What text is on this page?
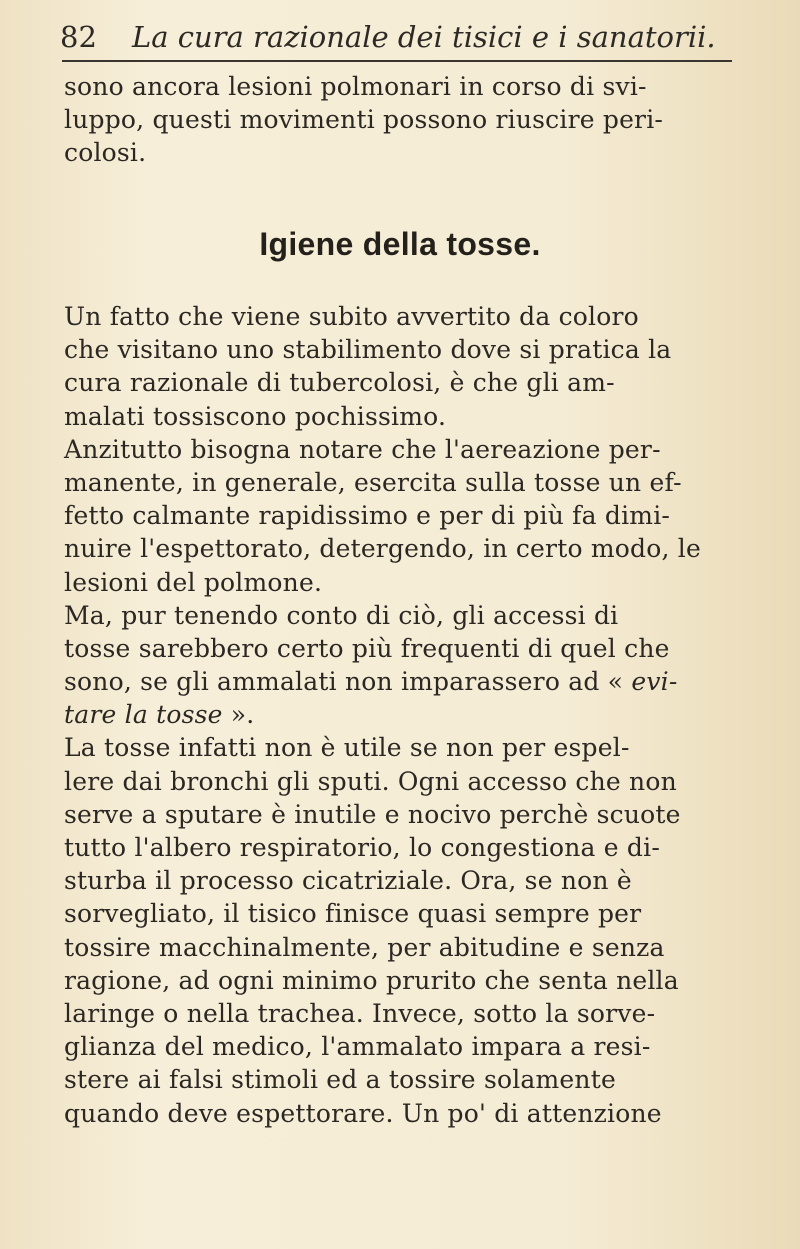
82 La cura razionale dei tisici e i sanatorii.
sono ancora lesioni polmonari in corso di svi-
luppo, questi movimenti possono riuscire peri-
colosi.
Igiene della tosse.
Un fatto che viene subito avvertito da coloro
che visitano uno stabilimento dove si pratica la
cura razionale di tubercolosi, è che gli am-
malati tossiscono pochissimo.
Anzitutto bisogna notare che l'aereazione per-
manente, in generale, esercita sulla tosse un ef-
fetto calmante rapidissimo e per di più fa dimi-
nuire l'espettorato, detergendo, in certo modo, le
lesioni del polmone.
Ma, pur tenendo conto di ciò, gli accessi di
tosse sarebbero certo più frequenti di quel che
sono, se gli ammalati non imparassero ad « evi-
tare la tosse ».
La tosse infatti non è utile se non per espel-
lere dai bronchi gli sputi. Ogni accesso che non
serve a sputare è inutile e nocivo perchè scuote
tutto l'albero respiratorio, lo congestiona e di-
sturba il processo cicatriziale. Ora, se non è
sorvegliato, il tisico finisce quasi sempre per
tossire macchinalmente, per abitudine e senza
ragione, ad ogni minimo prurito che senta nella
laringe o nella trachea. Invece, sotto la sorve-
glianza del medico, l'ammalato impara a resi-
stere ai falsi stimoli ed a tossire solamente
quando deve espettorare. Un po' di attenzione
